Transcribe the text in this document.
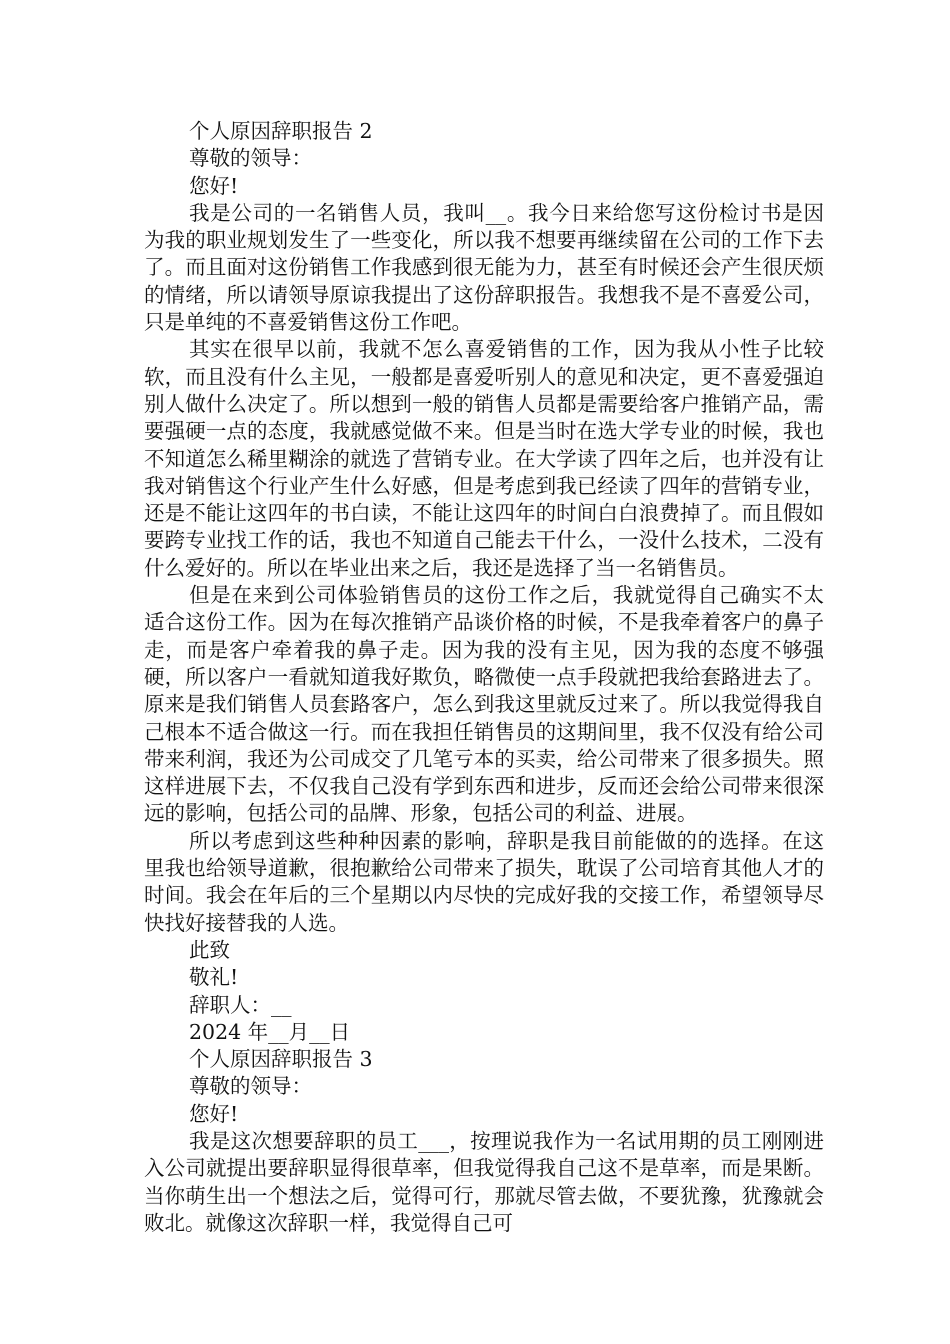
个人原因辞职报告 2

尊敬的领导：

您好!

我是公司的一名销售人员，我叫__。我今日来给您写这份检讨书是因为我的职业规划发生了一些变化，所以我不想要再继续留在公司的工作下去了。而且面对这份销售工作我感到很无能为力，甚至有时候还会产生很厌烦的情绪，所以请领导原谅我提出了这份辞职报告。我想我不是不喜爱公司，只是单纯的不喜爱销售这份工作吧。

其实在很早以前，我就不怎么喜爱销售的工作，因为我从小性子比较软，而且没有什么主见，一般都是喜爱听别人的意见和决定，更不喜爱强迫别人做什么决定了。所以想到一般的销售人员都是需要给客户推销产品，需要强硬一点的态度，我就感觉做不来。但是当时在选大学专业的时候，我也不知道怎么稀里糊涂的就选了营销专业。在大学读了四年之后，也并没有让我对销售这个行业产生什么好感，但是考虑到我已经读了四年的营销专业，还是不能让这四年的书白读，不能让这四年的时间白白浪费掉了。而且假如要跨专业找工作的话，我也不知道自己能去干什么，一没什么技术，二没有什么爱好的。所以在毕业出来之后，我还是选择了当一名销售员。

但是在来到公司体验销售员的这份工作之后，我就觉得自己确实不太适合这份工作。因为在每次推销产品谈价格的时候，不是我牵着客户的鼻子走，而是客户牵着我的鼻子走。因为我的没有主见，因为我的态度不够强硬，所以客户一看就知道我好欺负，略微使一点手段就把我给套路进去了。原来是我们销售人员套路客户，怎么到我这里就反过来了。所以我觉得我自己根本不适合做这一行。而在我担任销售员的这期间里，我不仅没有给公司带来利润，我还为公司成交了几笔亏本的买卖，给公司带来了很多损失。照这样进展下去，不仅我自己没有学到东西和进步，反而还会给公司带来很深远的影响，包括公司的品牌、形象，包括公司的利益、进展。

所以考虑到这些种种因素的影响，辞职是我目前能做的的选择。在这里我也给领导道歉，很抱歉给公司带来了损失，耽误了公司培育其他人才的时间。我会在年后的三个星期以内尽快的完成好我的交接工作，希望领导尽快找好接替我的人选。

此致

敬礼!

辞职人：__

2024 年__月__日

个人原因辞职报告 3

尊敬的领导：

您好!

我是这次想要辞职的员工___，按理说我作为一名试用期的员工刚刚进入公司就提出要辞职显得很草率，但我觉得我自己这不是草率，而是果断。当你萌生出一个想法之后，觉得可行，那就尽管去做，不要犹豫，犹豫就会败北。就像这次辞职一样，我觉得自己可
